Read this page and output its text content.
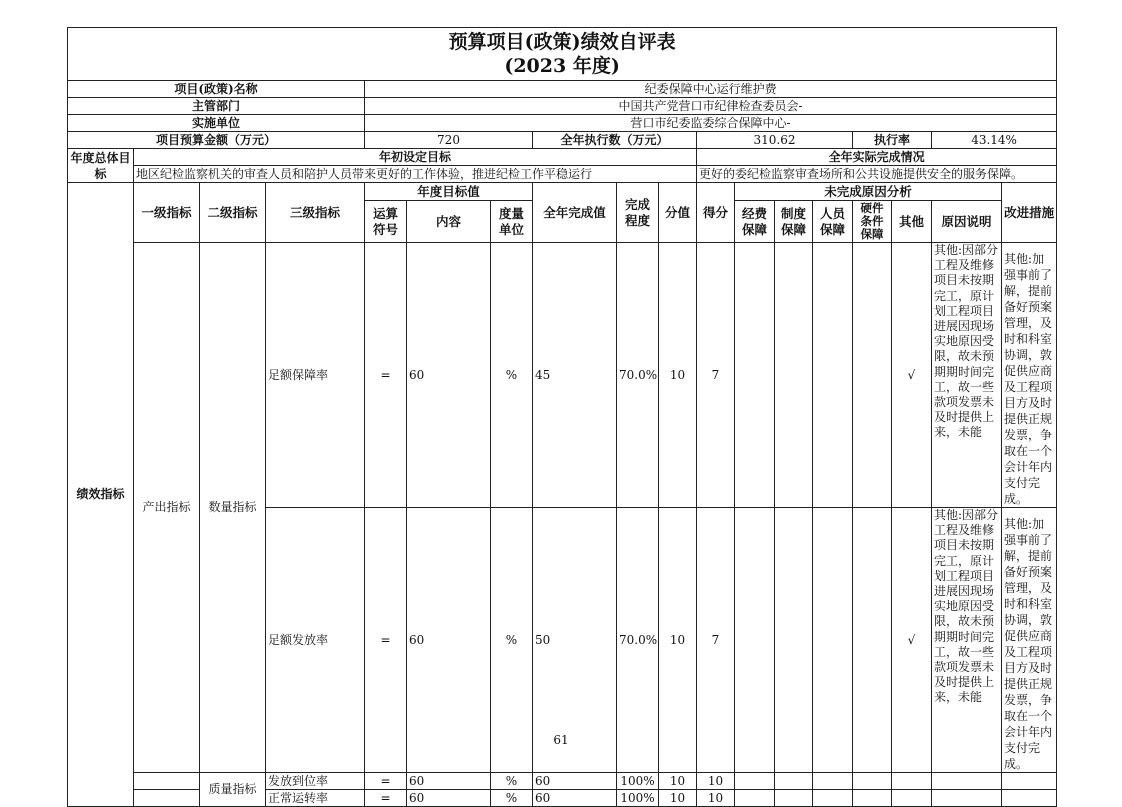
预算项目(政策)绩效自评表
(2023 年度)																	

项目(政策)名称				纪委保障中心运行维护费													
主管部门				中国共产党营口市纪律检查委员会-													
实施单位				营口市纪委监委综合保障中心-													
项目预算金额（万元）				720			全年执行数（万元）			310.62				执行率		43.14%	
年度总体目标	年初设定目标									全年实际完成情况							
	地区纪检监察机关的审查人员和陪护人员带来更好的工作体验，推进纪检工作平稳运行									更好的委纪检监察审查场所和公共设施提供安全的服务保障。							
绩效指标	一级指标	二级指标	三级指标	年度目标值			全年完成值	完成程度	分值	得分	未完成原因分析						改进措施
				运算符号	内容	度量单位					经费保障	制度保障	人员保障	硬件条件保障	其他	原因说明	
	产出指标	数量指标	足额保障率	=	60	%	45	70.0%	10	7					√	其他:因部分工程及维修项目未按期完工，原计划工程项目进展因现场实地原因受限，故未预期期时间完工，故一些款项发票未及时提供上来，未能	其他:加强事前了解，提前备好预案管理，及时和科室协调，敦促供应商及工程项目方及时提供正规发票，争取在一个会计年内支付完成。
			足额发放率	=	60	%	50	70.0%	10	7					√	其他:因部分工程及维修项目未按期完工，原计划工程项目进展因现场实地原因受限，故未预期期时间完工，故一些款项发票未及时提供上来，未能	其他:加强事前了解，提前备好预案管理，及时和科室协调，敦促供应商及工程项目方及时提供正规发票，争取在一个会计年内支付完成。
		质量指标	发放到位率	=	60	%	60	100%	10	10							
			正常运转率	=	60	%	60	100%	10	10							
61
